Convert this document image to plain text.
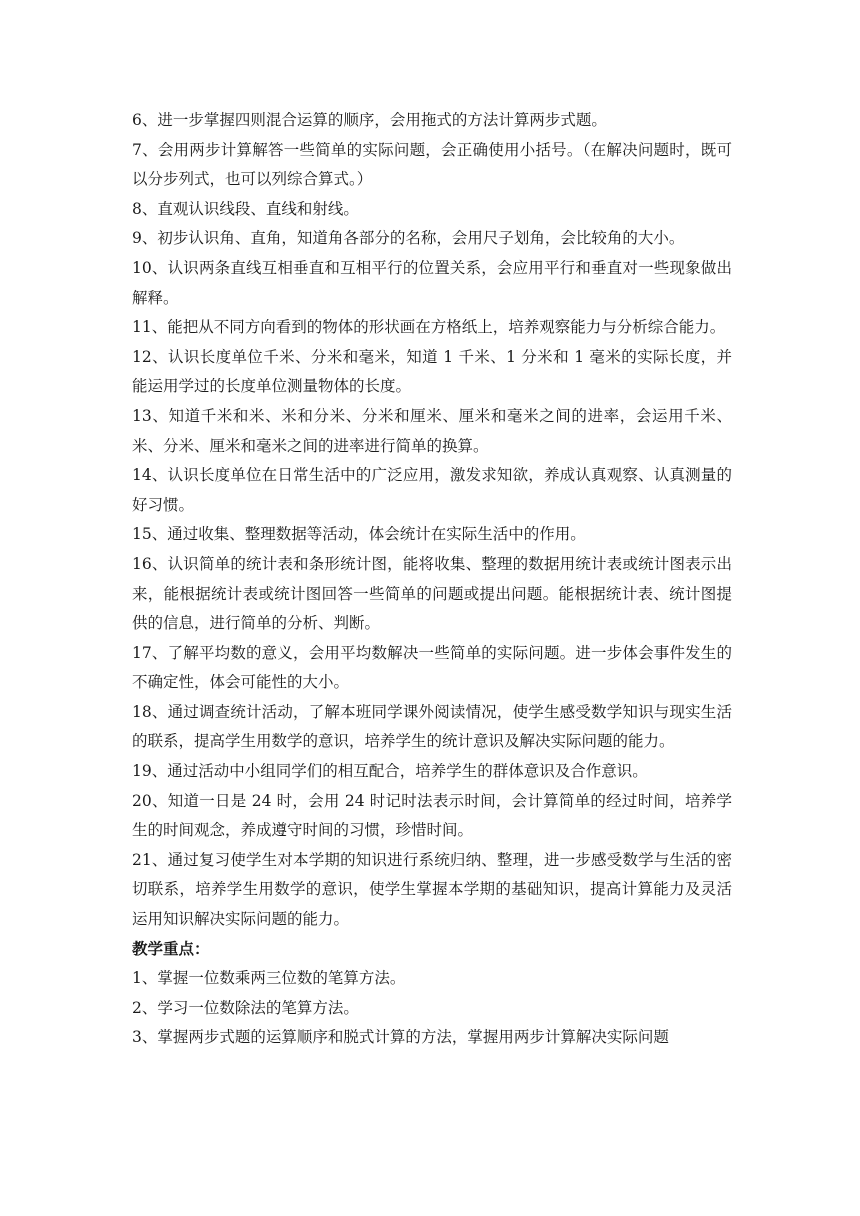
6、进一步掌握四则混合运算的顺序，会用拖式的方法计算两步式题。

7、会用两步计算解答一些简单的实际问题，会正确使用小括号。（在解决问题时，既可以分步列式，也可以列综合算式。）

8、直观认识线段、直线和射线。

9、初步认识角、直角，知道角各部分的名称，会用尺子划角，会比较角的大小。

10、认识两条直线互相垂直和互相平行的位置关系，会应用平行和垂直对一些现象做出解释。

11、能把从不同方向看到的物体的形状画在方格纸上，培养观察能力与分析综合能力。

12、认识长度单位千米、分米和毫米，知道 1 千米、1 分米和 1 毫米的实际长度，并能运用学过的长度单位测量物体的长度。

13、知道千米和米、米和分米、分米和厘米、厘米和毫米之间的进率，会运用千米、米、分米、厘米和毫米之间的进率进行简单的换算。

14、认识长度单位在日常生活中的广泛应用，激发求知欲，养成认真观察、认真测量的好习惯。

15、通过收集、整理数据等活动，体会统计在实际生活中的作用。

16、认识简单的统计表和条形统计图，能将收集、整理的数据用统计表或统计图表示出来，能根据统计表或统计图回答一些简单的问题或提出问题。能根据统计表、统计图提供的信息，进行简单的分析、判断。

17、了解平均数的意义，会用平均数解决一些简单的实际问题。进一步体会事件发生的不确定性，体会可能性的大小。

18、通过调查统计活动，了解本班同学课外阅读情况，使学生感受数学知识与现实生活的联系，提高学生用数学的意识，培养学生的统计意识及解决实际问题的能力。

19、通过活动中小组同学们的相互配合，培养学生的群体意识及合作意识。

20、知道一日是 24 时，会用 24 时记时法表示时间，会计算简单的经过时间，培养学生的时间观念，养成遵守时间的习惯，珍惜时间。

21、通过复习使学生对本学期的知识进行系统归纳、整理，进一步感受数学与生活的密切联系，培养学生用数学的意识，使学生掌握本学期的基础知识，提高计算能力及灵活运用知识解决实际问题的能力。

教学重点：

1、掌握一位数乘两三位数的笔算方法。

2、学习一位数除法的笔算方法。

3、掌握两步式题的运算顺序和脱式计算的方法，掌握用两步计算解决实际问题
